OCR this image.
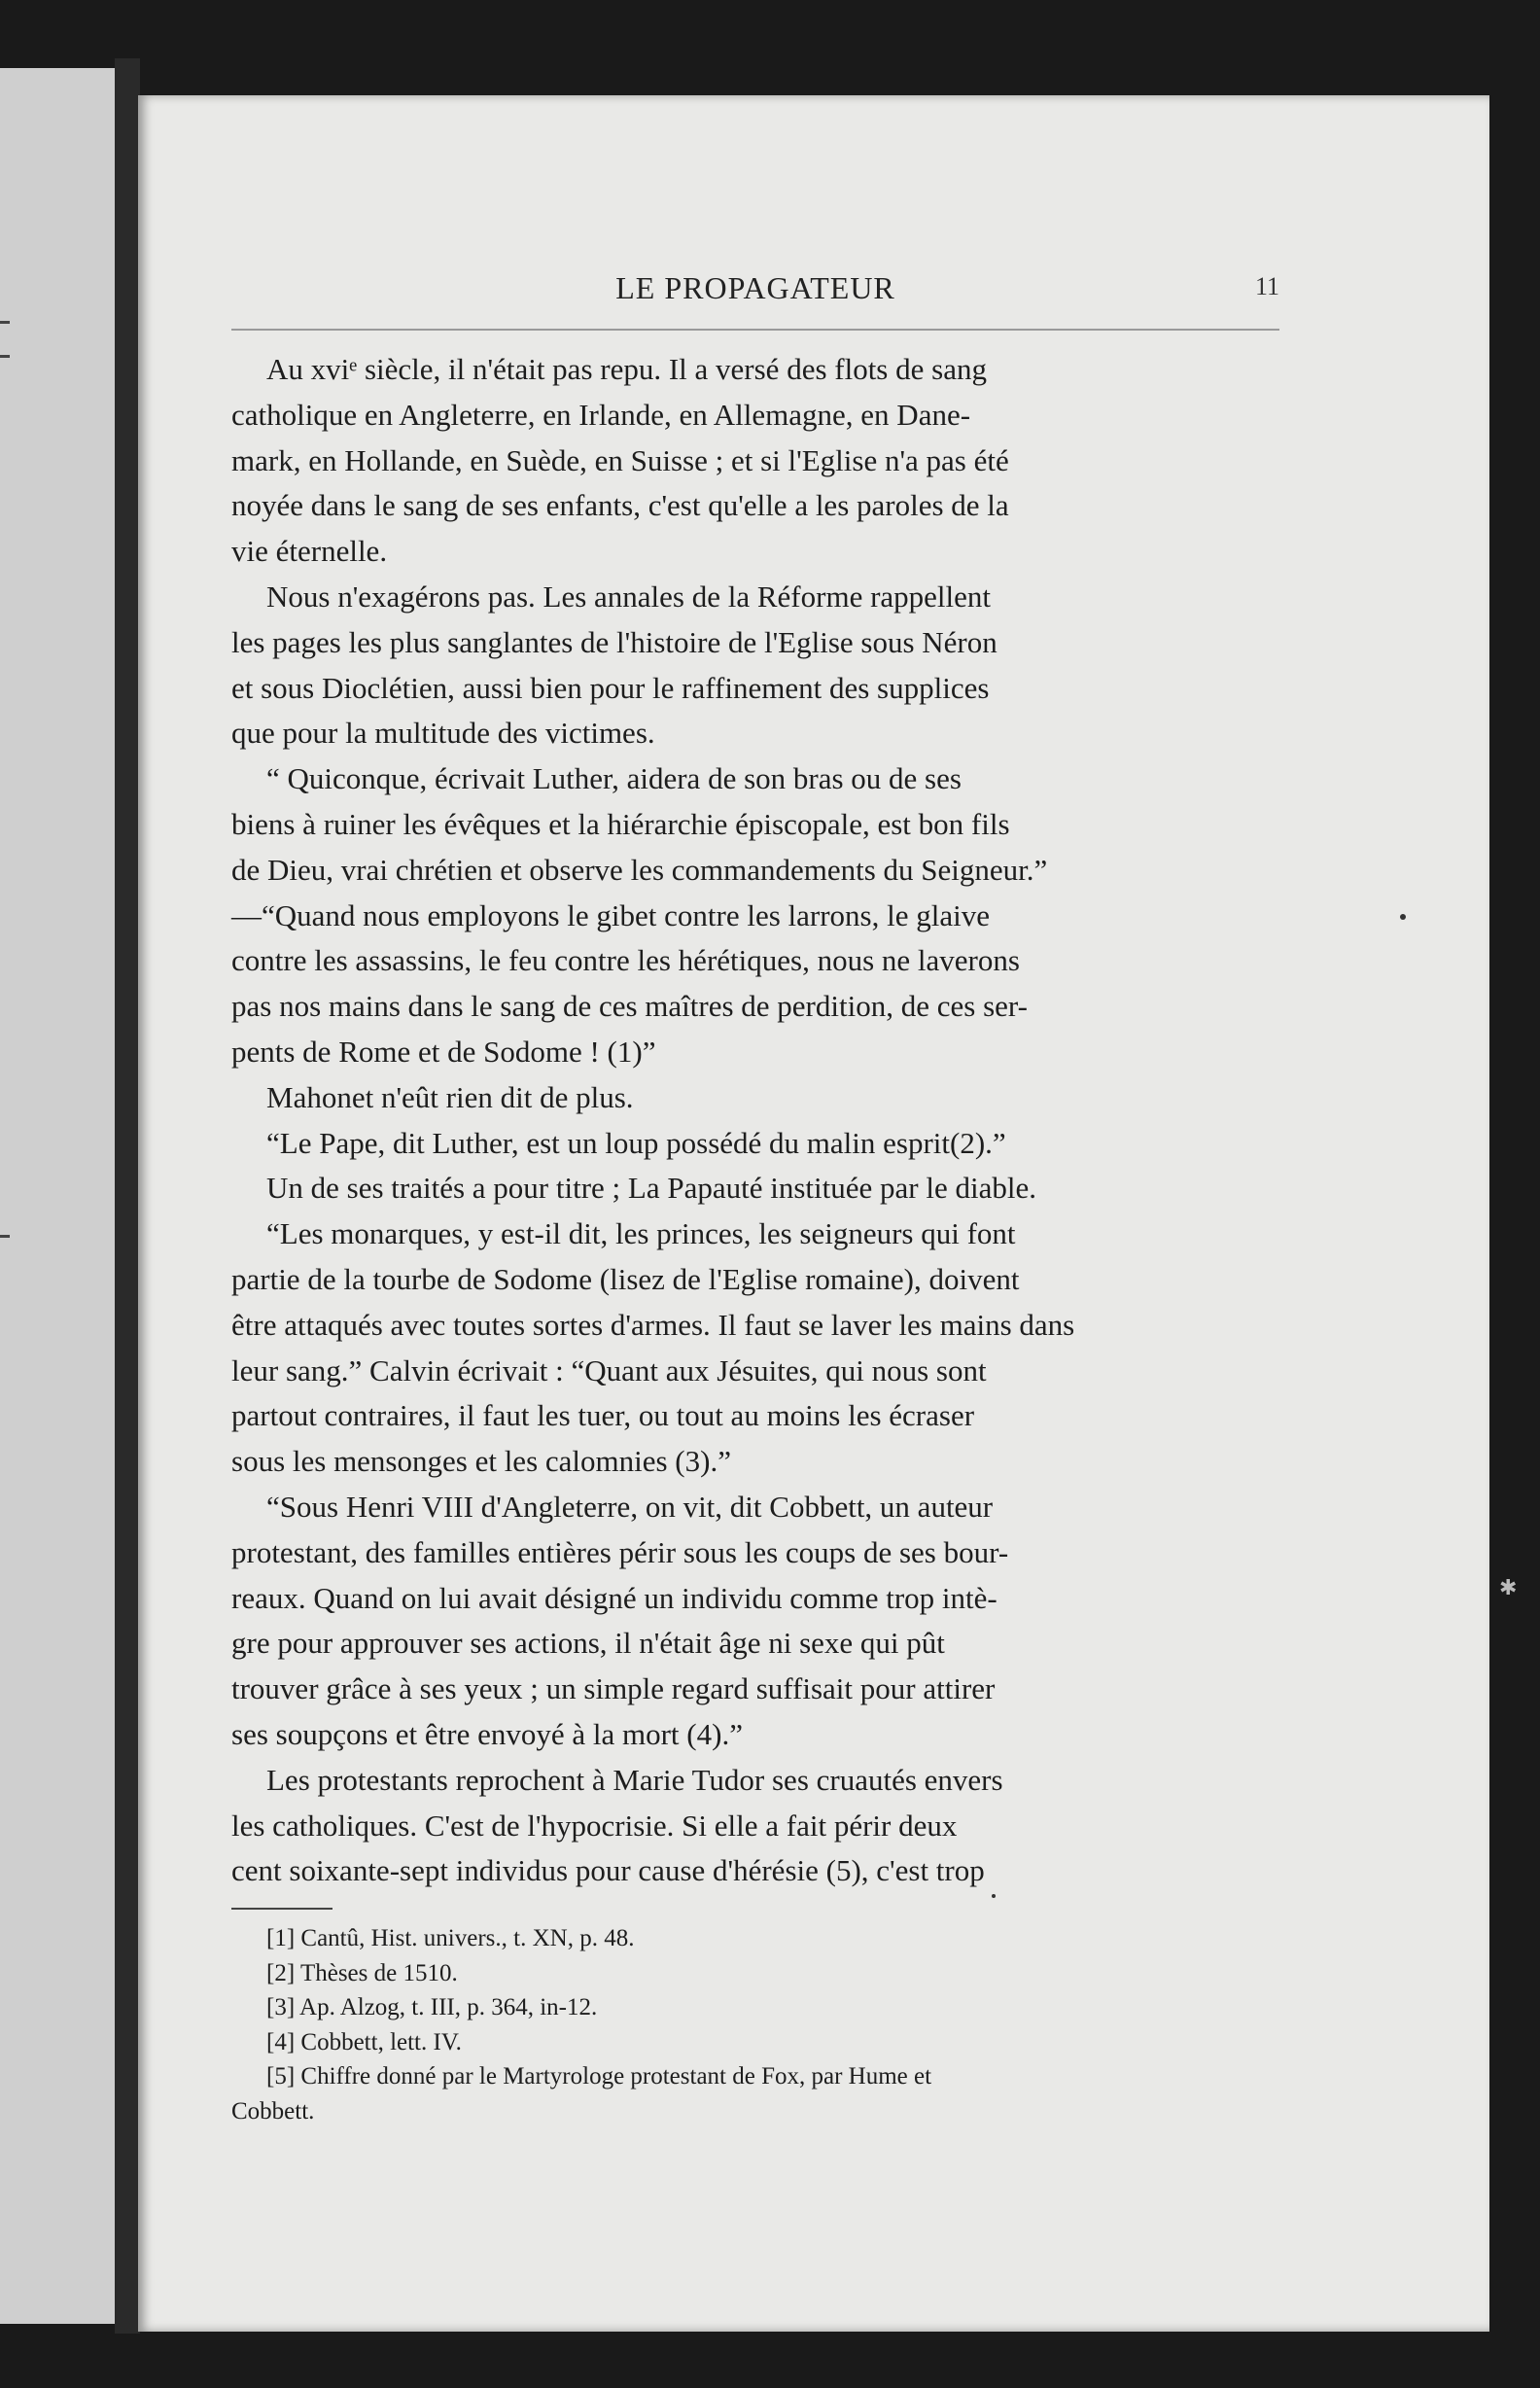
LE PROPAGATEUR	11
Au xviᵉ siècle, il n'était pas repu. Il a versé des flots de sang
catholique en Angleterre, en Irlande, en Allemagne, en Dane-
mark, en Hollande, en Suède, en Suisse ; et si l'Eglise n'a pas été
noyée dans le sang de ses enfants, c'est qu'elle a les paroles de la
vie éternelle.
Nous n'exagérons pas. Les annales de la Réforme rappellent
les pages les plus sanglantes de l'histoire de l'Eglise sous Néron
et sous Dioclétien, aussi bien pour le raffinement des supplices
que pour la multitude des victimes.
“ Quiconque, écrivait Luther, aidera de son bras ou de ses
biens à ruiner les évêques et la hiérarchie épiscopale, est bon fils
de Dieu, vrai chrétien et observe les commandements du Seigneur.”
—“Quand nous employons le gibet contre les larrons, le glaive
contre les assassins, le feu contre les hérétiques, nous ne laverons
pas nos mains dans le sang de ces maîtres de perdition, de ces ser-
pents de Rome et de Sodome ! (1)”
Mahonet n'eût rien dit de plus.
“Le Pape, dit Luther, est un loup possédé du malin esprit(2).”
Un de ses traités a pour titre ; La Papauté instituée par le diable.
“Les monarques, y est-il dit, les princes, les seigneurs qui font
partie de la tourbe de Sodome (lisez de l'Eglise romaine), doivent
être attaqués avec toutes sortes d'armes. Il faut se laver les mains dans
leur sang.” Calvin écrivait : “Quant aux Jésuites, qui nous sont
partout contraires, il faut les tuer, ou tout au moins les écraser
sous les mensonges et les calomnies (3).”
“Sous Henri VIII d'Angleterre, on vit, dit Cobbett, un auteur
protestant, des familles entières périr sous les coups de ses bour-
reaux. Quand on lui avait désigné un individu comme trop intè-
gre pour approuver ses actions, il n'était âge ni sexe qui pût
trouver grâce à ses yeux ; un simple regard suffisait pour attirer
ses soupçons et être envoyé à la mort (4).”
Les protestants reprochent à Marie Tudor ses cruautés envers
les catholiques. C'est de l'hypocrisie. Si elle a fait périr deux
cent soixante-sept individus pour cause d'hérésie (5), c'est trop
[1] Cantû, Hist. univers., t. XN, p. 48.
[2] Thèses de 1510.
[3] Ap. Alzog, t. III, p. 364, in-12.
[4] Cobbett, lett. IV.
[5] Chiffre donné par le Martyrologe protestant de Fox, par Hume et
Cobbett.
✱
